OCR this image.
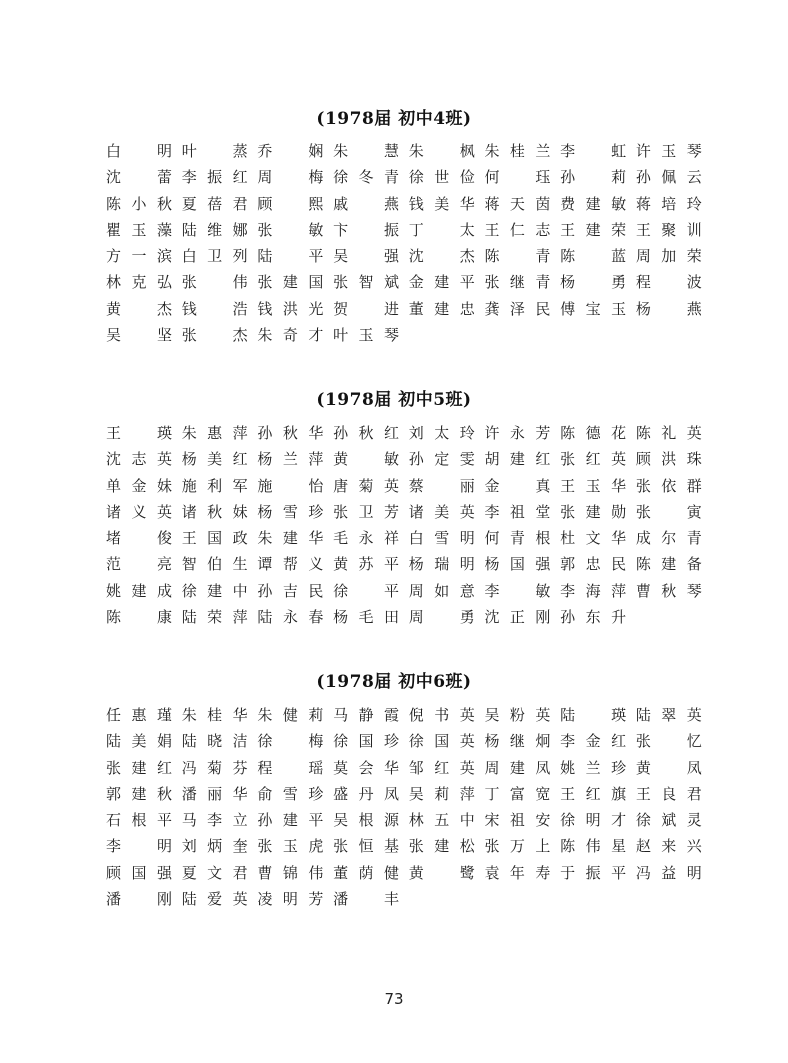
(1978届 初中4班)
白　明 叶　蒸 乔　娴 朱　慧 朱　枫 朱桂兰 李　虹 许玉琴
沈　蕾 李振红 周　梅 徐冬青 徐世俭 何　珏 孙　莉 孙佩云
陈小秋 夏蓓君 顾　熙 戚　燕 钱美华 蒋天茵 费建敏 蒋培玲
瞿玉藻 陆维娜 张　敏 卞　振 丁　太 王仁志 王建荣 王聚训
方一滨 白卫列 陆　平 吴　强 沈　杰 陈　青 陈　蓝 周加荣
林克弘 张　伟 张建国 张智斌 金建平 张继青 杨　勇 程　波
黄　杰 钱　浩 钱洪光 贺　进 董建忠 龚泽民 傅宝玉 杨　燕
吴　坚 张　杰 朱奇才 叶玉琴
(1978届 初中5班)
王　瑛 朱惠萍 孙秋华 孙秋红 刘太玲 许永芳 陈德花 陈礼英
沈志英 杨美红 杨兰萍 黄　敏 孙定雯 胡建红 张红英 顾洪珠
单金妹 施利军 施　怡 唐菊英 蔡　丽 金　真 王玉华 张依群
诸义英 诸秋妹 杨雪珍 张卫芳 诸美英 李祖堂 张建勋 张　寅
堵　俊 王国政 朱建华 毛永祥 白雪明 何青根 杜文华 成尔青
范　亮 智伯生 谭帮义 黄苏平 杨瑞明 杨国强 郭忠民 陈建备
姚建成 徐建中 孙吉民 徐　平 周如意 李　敏 李海萍 曹秋琴
陈　康 陆荣萍 陆永春 杨毛田 周　勇 沈正刚 孙东升
(1978届 初中6班)
任惠瑾 朱桂华 朱健莉 马静霞 倪书英 吴粉英 陆　瑛 陆翠英
陆美娟 陆晓洁 徐　梅 徐国珍 徐国英 杨继炯 李金红 张　忆
张建红 冯菊芬 程　瑶 莫会华 邹红英 周建凤 姚兰珍 黄　凤
郭建秋 潘丽华 俞雪珍 盛丹凤 吴莉萍 丁富宽 王红旗 王良君
石根平 马李立 孙建平 吴根源 林五中 宋祖安 徐明才 徐斌灵
李　明 刘炳奎 张玉虎 张恒基 张建松 张万上 陈伟星 赵来兴
顾国强 夏文君 曹锦伟 董荫健 黄　鹭 袁年寿 于振平 冯益明
潘　刚 陆爱英 凌明芳 潘　丰
73
